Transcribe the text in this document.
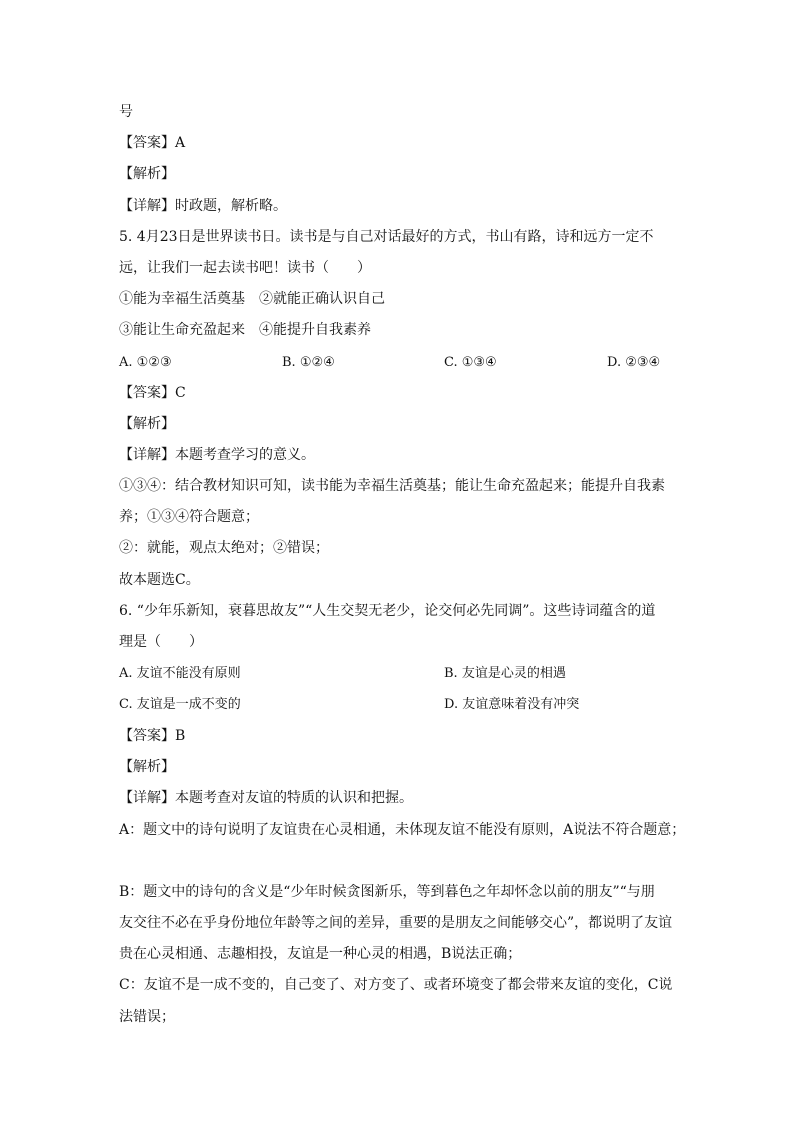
号
【答案】A
【解析】
【详解】时政题，解析略。
5. 4月23日是世界读书日。读书是与自己对话最好的方式，书山有路，诗和远方一定不
远，让我们一起去读书吧！读书（　　）
①能为幸福生活奠基　②就能正确认识自己
③能让生命充盈起来　④能提升自我素养
A. ①②③	B. ①②④	C. ①③④	D. ②③④
【答案】C
【解析】
【详解】本题考查学习的意义。
①③④：结合教材知识可知，读书能为幸福生活奠基；能让生命充盈起来；能提升自我素
养；①③④符合题意；
②：就能，观点太绝对；②错误；
故本题选C。
6. “少年乐新知，衰暮思故友”“人生交契无老少，论交何必先同调”。这些诗词蕴含的道
理是（　　）
A. 友谊不能没有原则	B. 友谊是心灵的相遇
C. 友谊是一成不变的	D. 友谊意味着没有冲突
【答案】B
【解析】
【详解】本题考查对友谊的特质的认识和把握。
A：题文中的诗句说明了友谊贵在心灵相通，未体现友谊不能没有原则，A说法不符合题意；
B：题文中的诗句的含义是“少年时候贪图新乐，等到暮色之年却怀念以前的朋友”“与朋
友交往不必在乎身份地位年龄等之间的差异，重要的是朋友之间能够交心”，都说明了友谊
贵在心灵相通、志趣相投，友谊是一种心灵的相遇，B说法正确；
C：友谊不是一成不变的，自己变了、对方变了、或者环境变了都会带来友谊的变化，C说
法错误；
